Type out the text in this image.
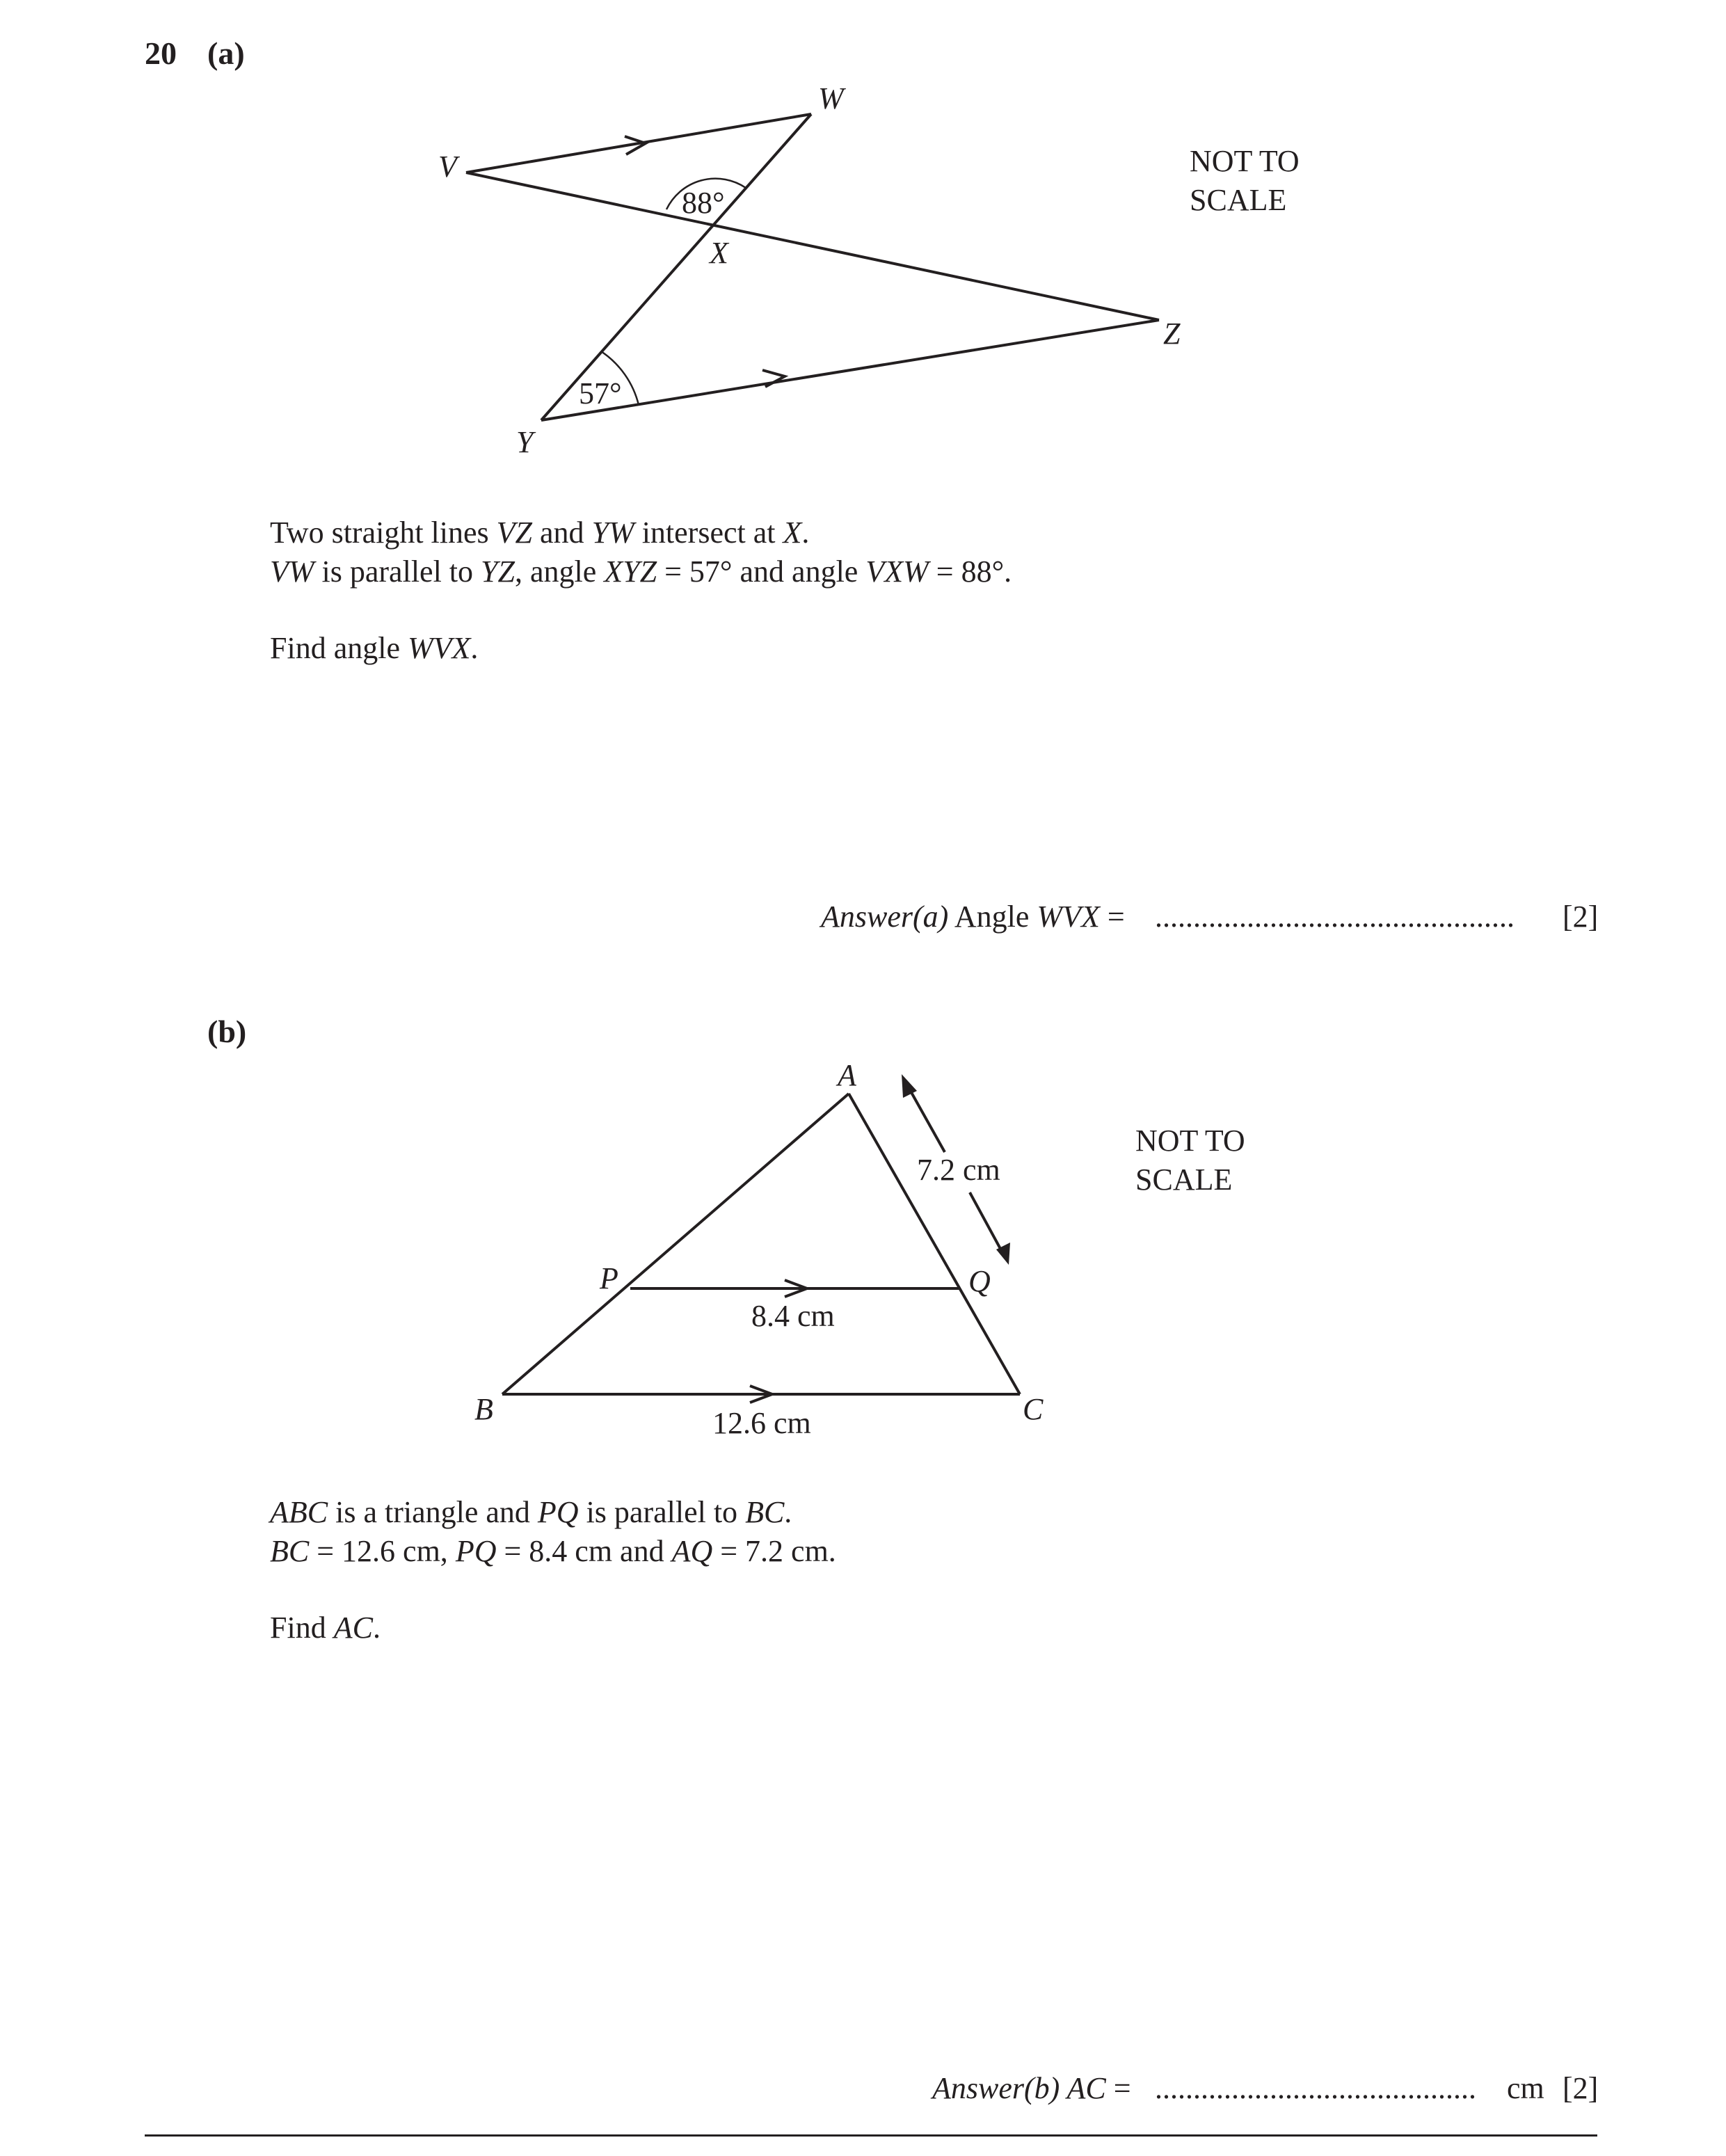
20 (a)
W
V
X
Z
Y
88°
57°
A
P	Q
B	C
7.2 cm
8.4 cm
12.6 cm
NOT TO
SCALE
Two straight lines VZ and YW intersect at X.
VW is parallel to YZ, angle XYZ = 57° and angle VXW = 88°.
Find angle WVX.
Answer(a) Angle WVX = ............................................... [2]
(b)
NOT TO
SCALE
ABC is a triangle and PQ is parallel to BC.
BC = 12.6 cm, PQ = 8.4 cm and AQ = 7.2 cm.
Find AC.
Answer(b) AC = .......................................... cm [2]
